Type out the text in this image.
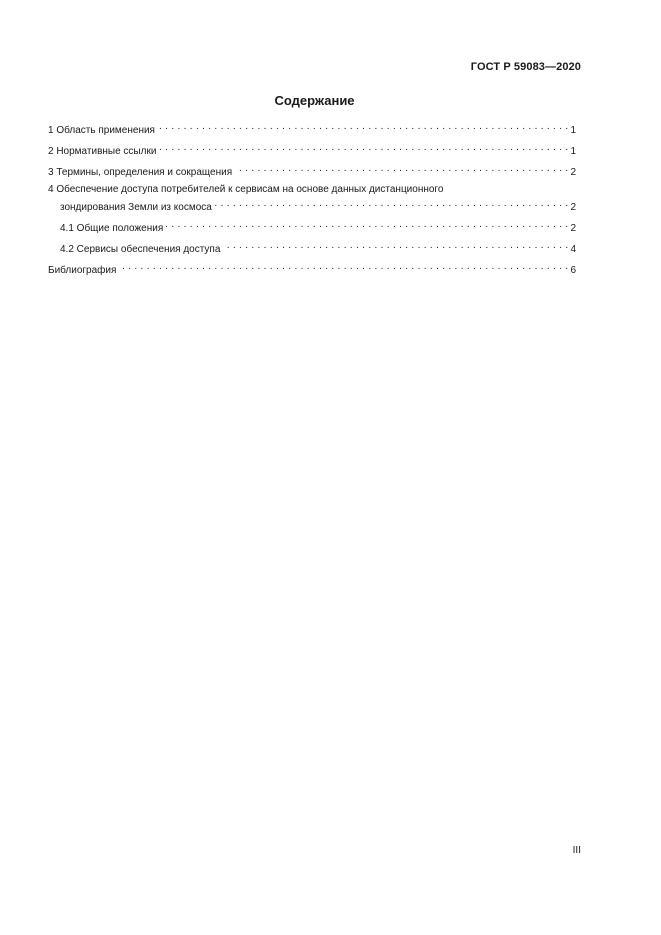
ГОСТ Р 59083—2020
Содержание
1 Область применения . . .	1
2 Нормативные ссылки . . .	1
3 Термины, определения и сокращения . . .	2
4 Обеспечение доступа потребителей к сервисам на основе данных дистанционного
зондирования Земли из космоса . . .	2
4.1 Общие положения . . .	2
4.2 Сервисы обеспечения доступа . . .	4
Библиография . . .	6
III
